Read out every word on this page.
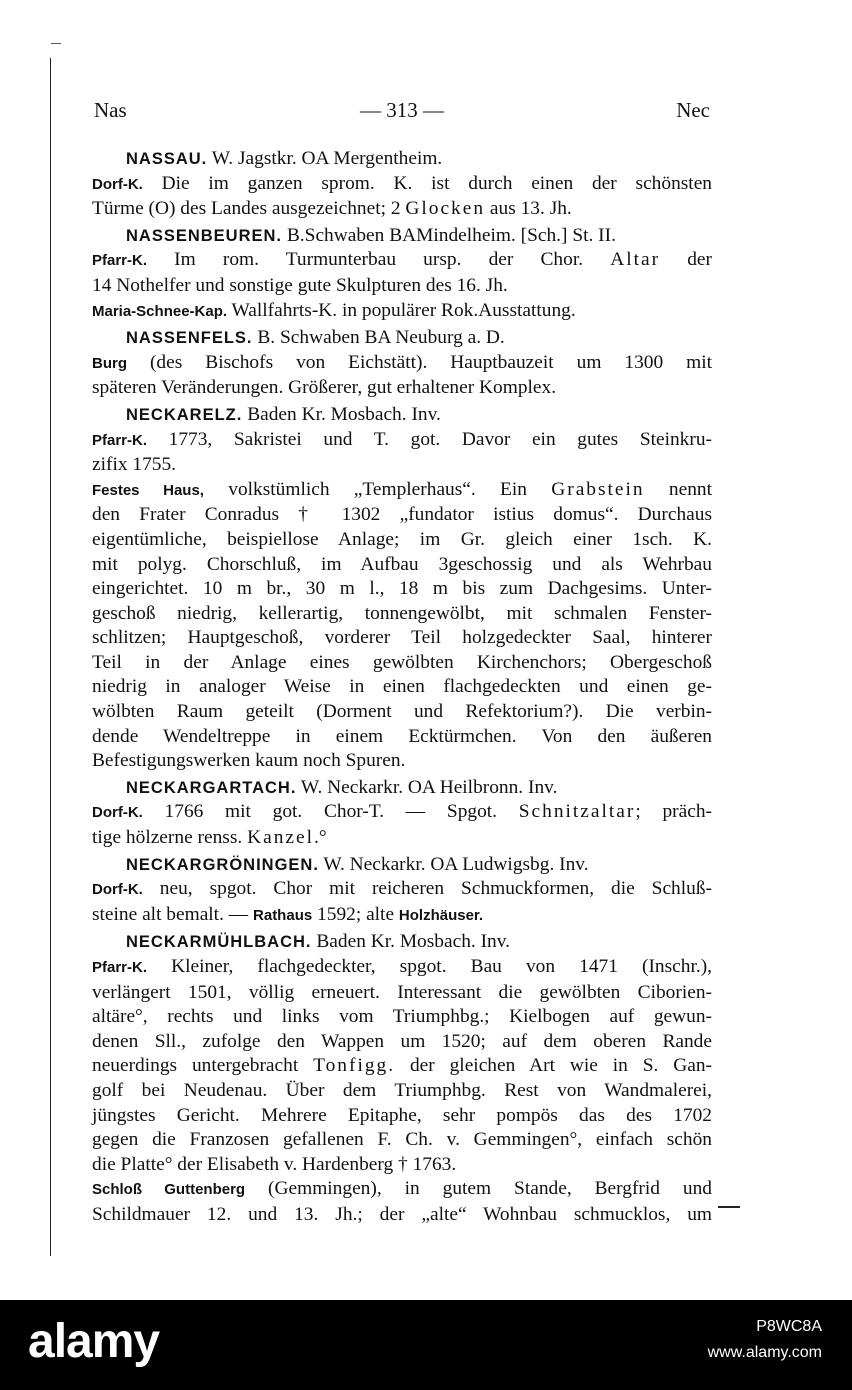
Nas	— 313 —	Nec
NASSAU. W. Jagstkr. OA Mergentheim.
Dorf-K. Die im ganzen sprom. K. ist durch einen der schönsten
Türme (O) des Landes ausgezeichnet; 2 Glocken aus 13. Jh.
NASSENBEUREN. B.Schwaben BAMindelheim. [Sch.] St. II.
Pfarr-K. Im rom. Turmunterbau ursp. der Chor. Altar der
14 Nothelfer und sonstige gute Skulpturen des 16. Jh.
Maria-Schnee-Kap. Wallfahrts-K. in populärer Rok.Ausstattung.
NASSENFELS. B. Schwaben BA Neuburg a. D.
Burg (des Bischofs von Eichstätt). Hauptbauzeit um 1300 mit
späteren Veränderungen. Größerer, gut erhaltener Komplex.
NECKARELZ. Baden Kr. Mosbach. Inv.
Pfarr-K. 1773, Sakristei und T. got. Davor ein gutes Steinkru-
zifix 1755.
Festes Haus, volkstümlich „Templerhaus“. Ein Grabstein nennt
den Frater Conradus † 1302 „fundator istius domus“. Durchaus
eigentümliche, beispiellose Anlage; im Gr. gleich einer 1sch. K.
mit polyg. Chorschluß, im Aufbau 3geschossig und als Wehrbau
eingerichtet. 10 m br., 30 m l., 18 m bis zum Dachgesims. Unter-
geschoß niedrig, kellerartig, tonnengewölbt, mit schmalen Fenster-
schlitzen; Hauptgeschoß, vorderer Teil holzgedeckter Saal, hinterer
Teil in der Anlage eines gewölbten Kirchenchors; Obergeschoß
niedrig in analoger Weise in einen flachgedeckten und einen ge-
wölbten Raum geteilt (Dorment und Refektorium?). Die verbin-
dende Wendeltreppe in einem Ecktürmchen. Von den äußeren
Befestigungswerken kaum noch Spuren.
NECKARGARTACH. W. Neckarkr. OA Heilbronn. Inv.
Dorf-K. 1766 mit got. Chor-T. — Spgot. Schnitzaltar; präch-
tige hölzerne renss. Kanzel.°
NECKARGRÖNINGEN. W. Neckarkr. OA Ludwigsbg. Inv.
Dorf-K. neu, spgot. Chor mit reicheren Schmuckformen, die Schluß-
steine alt bemalt. — Rathaus 1592; alte Holzhäuser.
NECKARMÜHLBACH. Baden Kr. Mosbach. Inv.
Pfarr-K. Kleiner, flachgedeckter, spgot. Bau von 1471 (Inschr.),
verlängert 1501, völlig erneuert. Interessant die gewölbten Ciborien-
altäre°, rechts und links vom Triumphbg.; Kielbogen auf gewun-
denen Sll., zufolge den Wappen um 1520; auf dem oberen Rande
neuerdings untergebracht Tonfigg. der gleichen Art wie in S. Gan-
golf bei Neudenau. Über dem Triumphbg. Rest von Wandmalerei,
jüngstes Gericht. Mehrere Epitaphe, sehr pompös das des 1702
gegen die Franzosen gefallenen F. Ch. v. Gemmingen°, einfach schön
die Platte° der Elisabeth v. Hardenberg † 1763.
Schloß Guttenberg (Gemmingen), in gutem Stande, Bergfrid und
Schildmauer 12. und 13. Jh.; der „alte“ Wohnbau schmucklos, um
alamy	P8WC8A
www.alamy.com
